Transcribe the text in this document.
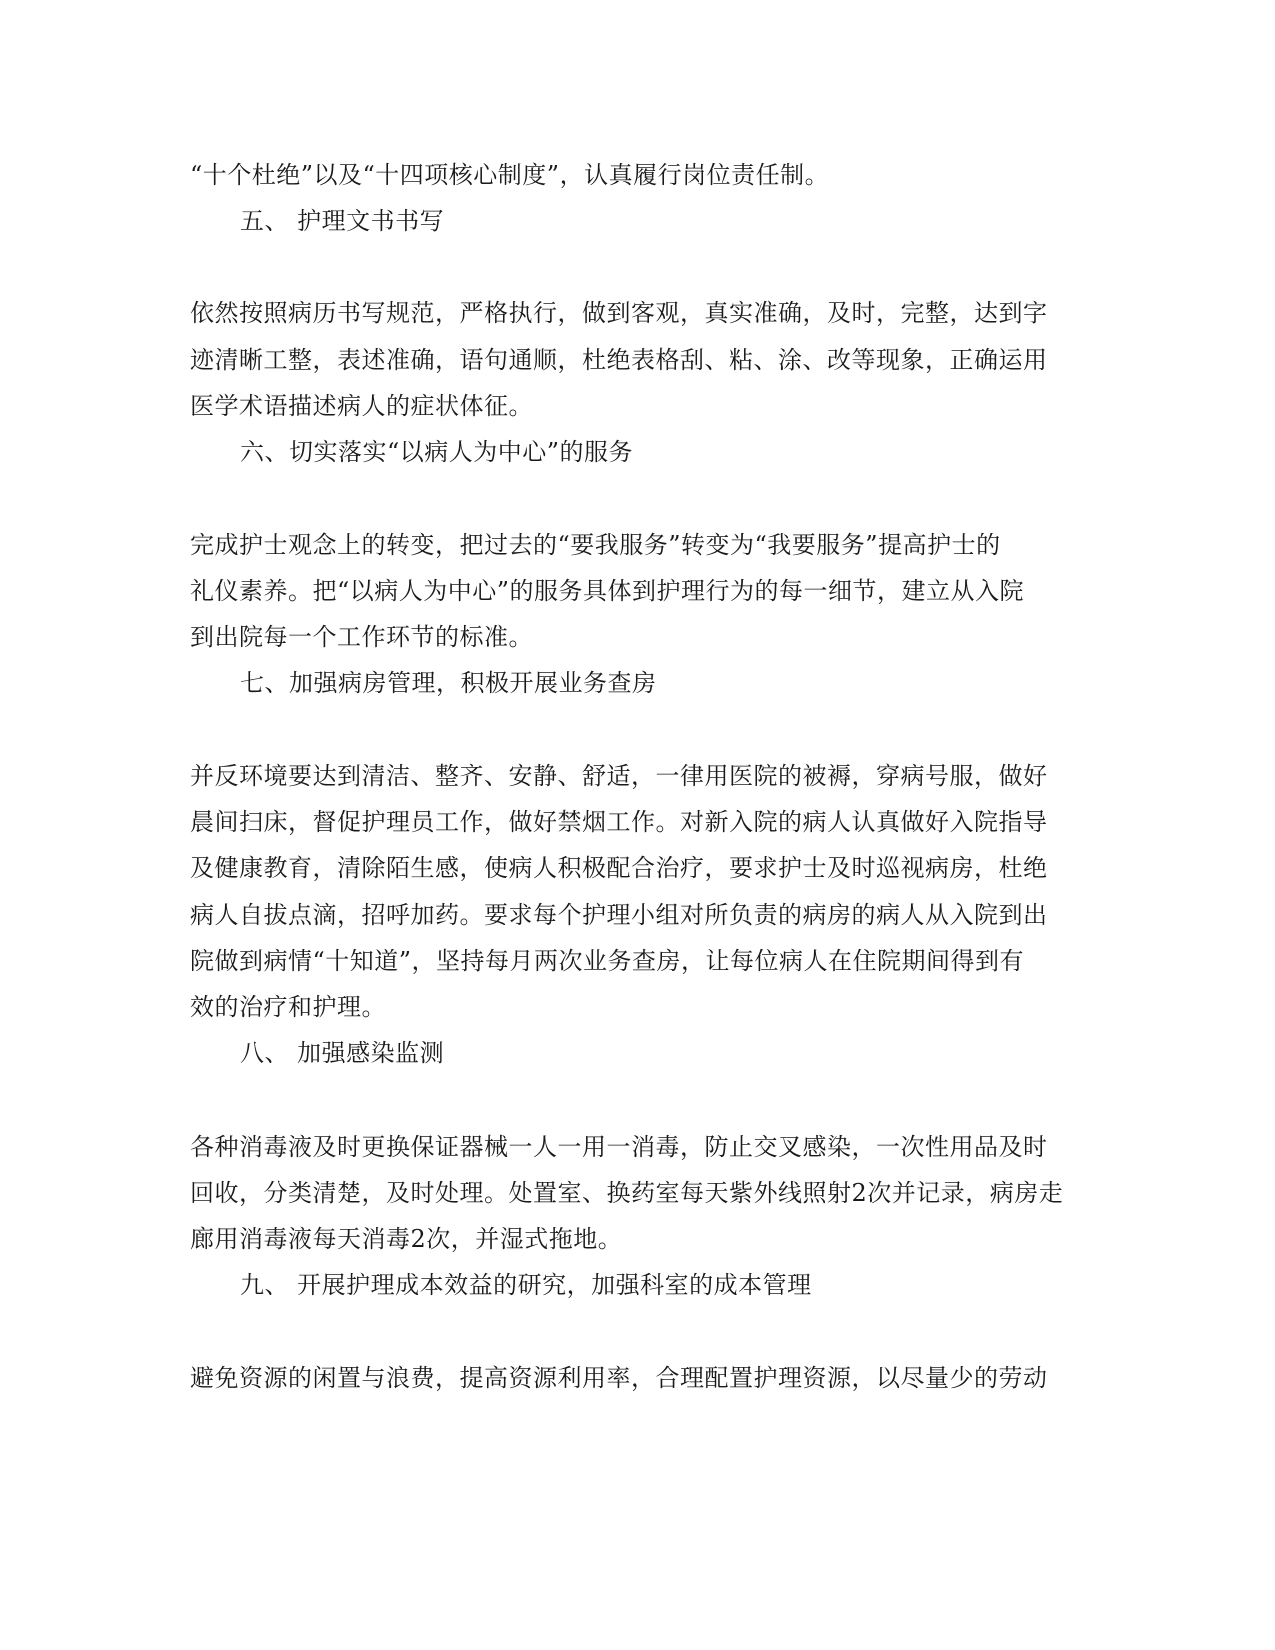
“十个杜绝”以及“十四项核心制度”，认真履行岗位责任制。
五、 护理文书书写
依然按照病历书写规范，严格执行，做到客观，真实准确，及时，完整，达到字
迹清晰工整，表述准确，语句通顺，杜绝表格刮、粘、涂、改等现象，正确运用
医学术语描述病人的症状体征。
六、切实落实“以病人为中心”的服务
完成护士观念上的转变，把过去的“要我服务”转变为“我要服务”提高护士的
礼仪素养。把“以病人为中心”的服务具体到护理行为的每一细节，建立从入院
到出院每一个工作环节的标准。
七、加强病房管理，积极开展业务查房
并反环境要达到清洁、整齐、安静、舒适，一律用医院的被褥，穿病号服，做好
晨间扫床，督促护理员工作，做好禁烟工作。对新入院的病人认真做好入院指导
及健康教育，清除陌生感，使病人积极配合治疗，要求护士及时巡视病房，杜绝
病人自拔点滴，招呼加药。要求每个护理小组对所负责的病房的病人从入院到出
院做到病情“十知道”，坚持每月两次业务查房，让每位病人在住院期间得到有
效的治疗和护理。
八、 加强感染监测
各种消毒液及时更换保证器械一人一用一消毒，防止交叉感染，一次性用品及时
回收，分类清楚，及时处理。处置室、换药室每天紫外线照射2次并记录，病房走
廊用消毒液每天消毒2次，并湿式拖地。
九、 开展护理成本效益的研究，加强科室的成本管理
避免资源的闲置与浪费，提高资源利用率，合理配置护理资源，以尽量少的劳动
